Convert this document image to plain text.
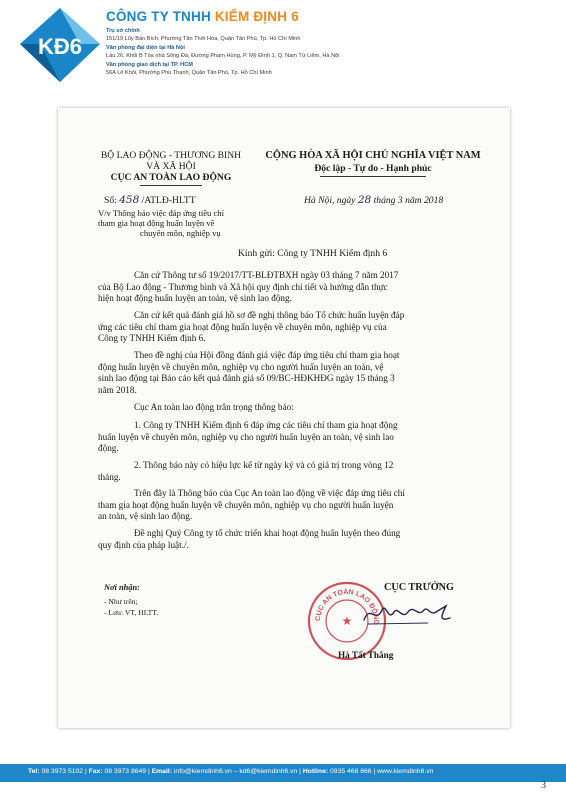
KĐ6
CÔNG TY TNHH KIỂM ĐỊNH 6
Trụ sở chính
151/19 Lũy Bán Bích, Phường Tân Thới Hòa, Quận Tân Phú, Tp. Hồ Chí Minh
Văn phòng đại diện tại Hà Nội
Lầu 26, Khối B Tòa nhà Sông Đà, Đường Phạm Hùng, P. Mỹ Đình 1, Q. Nam Từ Liêm, Hà Nội
Văn phòng giao dịch tại TP. HCM
56A Lê Khôi, Phường Phú Thạnh, Quận Tân Phú, Tp. Hồ Chí Minh
BỘ LAO ĐỘNG - THƯƠNG BINH
VÀ XÃ HỘI
CỤC AN TOÀN LAO ĐỘNG
CỘNG HÒA XÃ HỘI CHỦ NGHĨA VIỆT NAM
Độc lập - Tự do - Hạnh phúc
Số: 458 /ATLĐ-HLTT	Hà Nội, ngày 28 tháng 3 năm 2018
V/v Thông báo việc đáp ứng tiêu chí
tham gia hoạt động huấn luyện về
chuyên môn, nghiệp vụ
Kính gửi: Công ty TNHH Kiểm định 6
Căn cứ Thông tư số 19/2017/TT-BLĐTBXH ngày 03 tháng 7 năm 2017
của Bộ Lao động - Thương binh và Xã hội quy định chi tiết và hướng dẫn thực
hiện hoạt động huấn luyện an toàn, vệ sinh lao động.
Căn cứ kết quả đánh giá hồ sơ đề nghị thông báo Tổ chức huấn luyện đáp
ứng các tiêu chí tham gia hoạt động huấn luyện về chuyên môn, nghiệp vụ của
Công ty TNHH Kiểm định 6.
Theo đề nghị của Hội đồng đánh giá việc đáp ứng tiêu chí tham gia hoạt
động huấn luyện về chuyên môn, nghiệp vụ cho người huấn luyện an toàn, vệ
sinh lao động tại Báo cáo kết quả đánh giá số 09/BC-HĐKHĐG ngày 15 tháng 3
năm 2018.
Cục An toàn lao động trân trọng thông báo:
1. Công ty TNHH Kiểm định 6 đáp ứng các tiêu chí tham gia hoạt động
huấn luyện về chuyên môn, nghiệp vụ cho người huấn luyện an toàn, vệ sinh lao
động.
2. Thông báo này có hiệu lực kể từ ngày ký và có giá trị trong vòng 12
tháng.
Trên đây là Thông báo của Cục An toàn lao động về việc đáp ứng tiêu chí
tham gia hoạt động huấn luyện về chuyên môn, nghiệp vụ cho người huấn luyện
an toàn, vệ sinh lao động.
Đề nghị Quý Công ty tổ chức triển khai hoạt động huấn luyện theo đúng
quy định của pháp luật./.
Nơi nhận:
- Như trên;
- Lưu: VT, HLTT.
CỤC AN TOÀN LAO ĐỘNG
★
CỤC TRƯỞNG
Hà Tất Thắng
Tel: 08 3973 5102 | Fax: 08 3973 8649 | Email: info@kiemdinh6.vn – kd6@kiemdinh6.vn | Hotline: 0935 468 666 | www.kiemdinh6.vn
3
